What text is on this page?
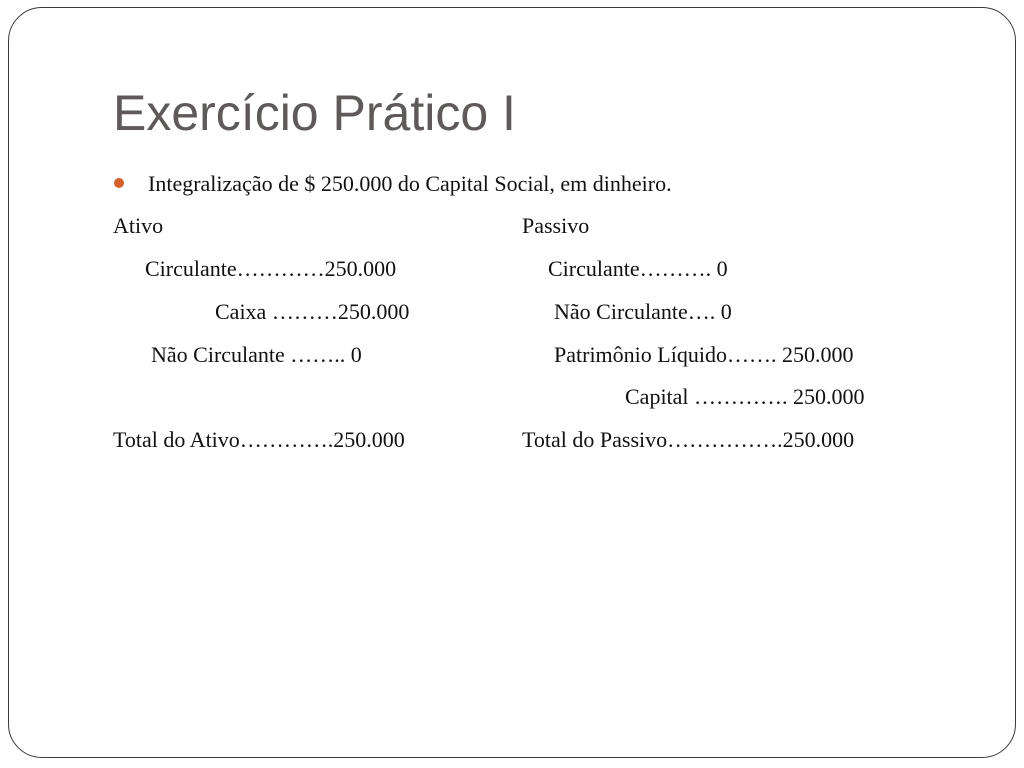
Exercício Prático I
Integralização de $ 250.000 do Capital Social, em dinheiro.
Ativo
Circulante…………250.000
Caixa ………250.000
Não Circulante …….. 0
Total do Ativo………….250.000
Passivo
Circulante………. 0
Não Circulante…. 0
Patrimônio Líquido……. 250.000
Capital …………. 250.000
Total do Passivo…………….250.000
